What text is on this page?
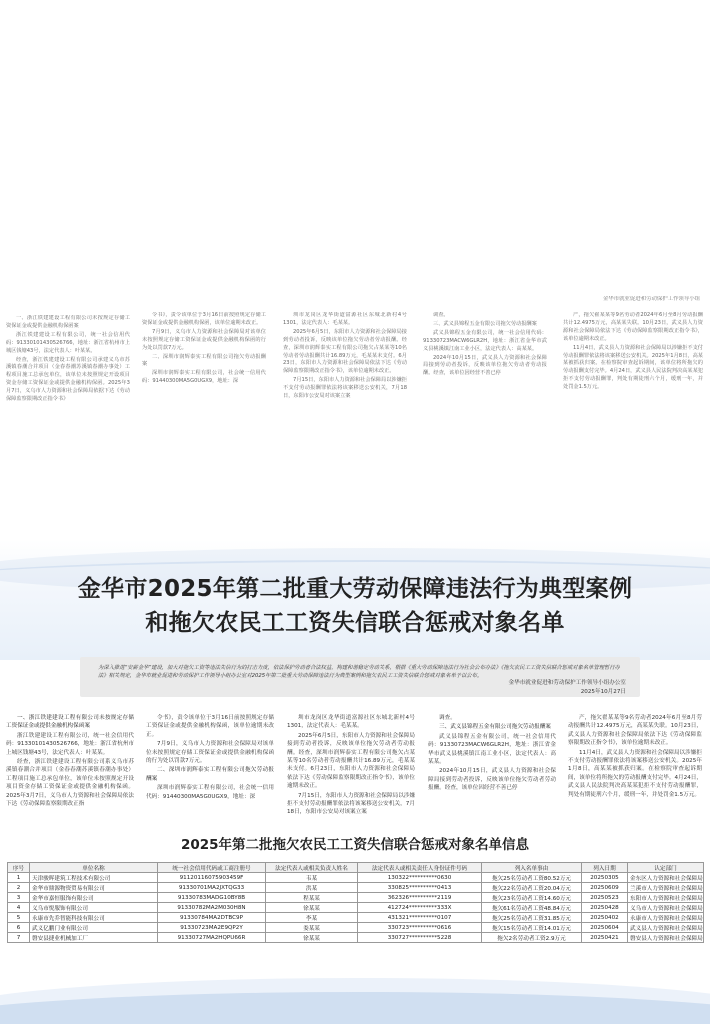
一、浙江铁建建设工程有限公司未按规定存储工资保证金或提供金融机构保函案

浙江铁建建设工程有限公司，统一社会信用代码：91330101430526766，地址：浙江省杭州市上城区钱塘43号，法定代表人：叶某某。

经查，浙江铁建建设工程有限公司承建义乌市苏溪镇春潮合并项目（金春春潮苏溪镇春潮办事处）工程项目施工总承包单位，该单位未按照规定开设项目资金存储工资保证金或提供金融机构保函。2025年3月7日，义乌市人力资源和社会保障局依据下达《劳动保障监察限期改正指令书》

令书》，责令该单位于3月16日前按照规定存储工资保证金或提供金融机构保函，该单位逾期未改正。

7月9日，义乌市人力资源和社会保障局对该单位未按照规定存储工资保证金或提供金融机构保函的行为处以罚款7万元。

二、深圳市润辉泰实工程有限公司拖欠劳动报酬案

深圳市润辉泰实工程有限公司，社会统一信用代码：91440300MA5G0UGX9，地址：深

圳市龙岗区龙华街道富源社区东城北新村4号1301，法定代表人：毛某某。

2025年6月5日，东阳市人力资源和社会保障局接到劳动者投诉，反映该单位拖欠劳动者劳动报酬。经查，深圳市润辉泰实工程有限公司拖欠占某某等10名劳动者劳动报酬共计16.89万元，毛某某未支付。6月23日，东阳市人力资源和社会保障局依法下达《劳动保障监察限期改正指令书》，该单位逾期未改正。

7月15日，东阳市人力资源和社会保障局以涉嫌拒不支付劳动报酬罪依法将该案移送公安机关，7月18日，东阳市公安局对该案立案

调查。

三、武义县锦程五金有限公司拖欠劳动报酬案

武义县锦程五金有限公司，统一社会信用代码：91330723MACW6GLR2H，地址：浙江省金华市武义县桃溪镇江南工业小区，法定代表人：高某某。

2024年10月15日，武义县人力资源和社会保障局接到劳动者投诉，反映该单位拖欠劳动者劳动报酬。经查，该单位因经营不善已停

产，拖欠翟某某等9名劳动者2024年6月至8月劳动报酬共计12.4975万元，高某某失联。10月23日，武义县人力资源和社会保障局依法下达《劳动保障监察限期改正指令书》，该单位逾期未改正。

11月4日，武义县人力资源和社会保障局以涉嫌拒不支付劳动报酬罪依法将该案移送公安机关。2025年1月8日，高某某被抓获归案。在检察院审查起诉期间，该单位将所拖欠的劳动报酬支付完毕。4月24日，武义县人民法院判决高某某犯拒不支付劳动报酬罪，判处有期徒刑六个月，缓刑一年，并处罚金1.5万元。

金华市就业促进和劳动保护工作领导小组

金华市2025年第二批重大劳动保障违法行为典型案例
和拖欠农民工工资失信联合惩戒对象名单
为深入推进“安薪金华”建设，加大对拖欠工资等违法失信行为的打击力度，依法保护劳动者合法权益，构建和谐稳定劳动关系，根据《重大劳动保障违法行为社会公布办法》《拖欠农民工工资失信联合惩戒对象名单管理暂行办法》相关规定，金华市就业促进和劳动保护工作领导小组办公室对2025年第二批重大劳动保障违法行为典型案例和拖欠农民工工资失信联合惩戒对象名单予以公布。
金华市就业促进和劳动保护工作领导小组办公室
2025年10月27日

一、浙江铁建建设工程有限公司未按规定存储工资保证金或提供金融机构保函案

浙江铁建建设工程有限公司，统一社会信用代码：91330101430526766，地址：浙江省杭州市上城区钱塘43号，法定代表人：叶某某。

经查，浙江铁建建设工程有限公司系义乌市苏溪镇春潮合并项目（金春春潮苏溪镇春潮办事处）工程项目施工总承包单位，该单位未按照规定开设项目资金存储工资保证金或提供金融机构保函。2025年3月7日，义乌市人力资源和社会保障局依法下达《劳动保障监察限期改正指

令书》，责令该单位于3月16日前按照规定存储工资保证金或提供金融机构保函，该单位逾期未改正。

7月9日，义乌市人力资源和社会保障局对该单位未按照规定存储工资保证金或提供金融机构保函的行为处以罚款7万元。

二、深圳市润辉泰实工程有限公司拖欠劳动报酬案

深圳市润辉泰实工程有限公司，社会统一信用代码：91440300MA5G0UGX9，地址：深

圳市龙岗区龙华街道富源社区东城北新村4号1301，法定代表人：毛某某。

2025年6月5日，东阳市人力资源和社会保障局接到劳动者投诉，反映该单位拖欠劳动者劳动报酬。经查，深圳市润辉泰实工程有限公司拖欠占某某等10名劳动者劳动报酬共计16.89万元，毛某某未支付。6月23日，东阳市人力资源和社会保障局依法下达《劳动保障监察限期改正指令书》，该单位逾期未改正。

7月15日，东阳市人力资源和社会保障局以涉嫌拒不支付劳动报酬罪依法将该案移送公安机关，7月18日，东阳市公安局对该案立案

调查。

三、武义县锦程五金有限公司拖欠劳动报酬案

武义县锦程五金有限公司，统一社会信用代码：91330723MACW6GLR2H，地址：浙江省金华市武义县桃溪镇江南工业小区，法定代表人：高某某。

2024年10月15日，武义县人力资源和社会保障局接到劳动者投诉，反映该单位拖欠劳动者劳动报酬。经查，该单位因经营不善已停

产，拖欠翟某某等9名劳动者2024年6月至8月劳动报酬共计12.4975万元，高某某失联。10月23日，武义县人力资源和社会保障局依法下达《劳动保障监察限期改正指令书》，该单位逾期未改正。

11月4日，武义县人力资源和社会保障局以涉嫌拒不支付劳动报酬罪依法将该案移送公安机关。2025年1月8日，高某某被抓获归案。在检察院审查起诉期间，该单位将所拖欠的劳动报酬支付完毕。4月24日，武义县人民法院判决高某某犯拒不支付劳动报酬罪，判处有期徒刑六个月，缓刑一年，并处罚金1.5万元。

2025年第二批拖欠农民工工资失信联合惩戒对象名单信息
序号	单位名称	统一社会信用代码或工商注册号	法定代表人或相关负责人姓名	法定代表人或相关责任人身份证件号码	列入名单事由	列入日期	认定部门
1	天津骏晖建筑工程技术有限公司	91120116075903459F	韦某	130322**********0630	拖欠25名劳动者工资80.52万元	20250305	金东区人力资源和社会保障局
2	金华市鼎源物资贸易有限公司	91330701MA2JXTQG33	洪某	330825**********0413	拖欠22名劳动者工资20.04万元	20250609	兰溪市人力资源和社会保障局
3	金华市嘉恒服饰有限公司	91330783MADG10BY8B	程某某	362326**********2119	拖欠23名劳动者工资14.60万元	20250523	东阳市人力资源和社会保障局
4	义乌市悦服饰有限公司	91330782MA2M030H8N	徐某某	412724**********333X	拖欠61名劳动者工资48.84万元	20250428	义乌市人力资源和社会保障局
5	永康市先乔智能科技有限公司	91330784MA2DTBC9P	李某	431321**********0107	拖欠25名劳动者工资31.85万元	20250402	永康市人力资源和社会保障局
6	武义亿鹏门业有限公司	91330723MA2E9QP2Y	娄某某	330723**********0616	拖欠15名劳动者工资14.01万元	20250604	武义县人力资源和社会保障局
7	磐安县捷业机械加工厂	91330727MA2HQPU66R	徐某某	330727**********5228	拖欠2名劳动者工资2.9万元	20250421	磐安县人力资源和社会保障局
